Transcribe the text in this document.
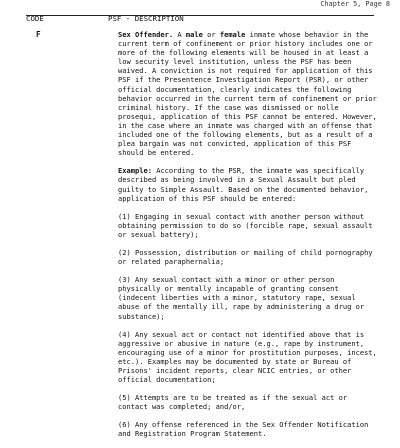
Chapter 5, Page 8
CODE	PSF - DESCRIPTION
F	Sex Offender. A male or female inmate whose behavior in the current term of confinement or prior history includes one or more of the following elements will be housed in at least a low security level institution, unless the PSF has been waived. A conviction is not required for application of this PSF if the Presentence Investigation Report (PSR), or other official documentation, clearly indicates the following behavior occurred in the current term of confinement or prior criminal history. If the case was dismissed or nolle prosequi, application of this PSF cannot be entered. However, in the case where an inmate was charged with an offense that included one of the following elements, but as a result of a plea bargain was not convicted, application of this PSF should be entered.

Example: According to the PSR, the inmate was specifically described as being involved in a Sexual Assault but pled guilty to Simple Assault. Based on the documented behavior, application of this PSF should be entered:

(1) Engaging in sexual contact with another person without obtaining permission to do so (forcible rape, sexual assault or sexual battery);

(2) Possession, distribution or mailing of child pornography or related paraphernalia;

(3) Any sexual contact with a minor or other person physically or mentally incapable of granting consent (indecent liberties with a minor, statutory rape, sexual abuse of the mentally ill, rape by administering a drug or substance);

(4) Any sexual act or contact not identified above that is aggressive or abusive in nature (e.g., rape by instrument, encouraging use of a minor for prostitution purposes, incest, etc.). Examples may be documented by state or Bureau of Prisons' incident reports, clear NCIC entries, or other official documentation;

(5) Attempts are to be treated as if the sexual act or contact was completed; and/or,

(6) Any offense referenced in the Sex Offender Notification and Registration Program Statement.
